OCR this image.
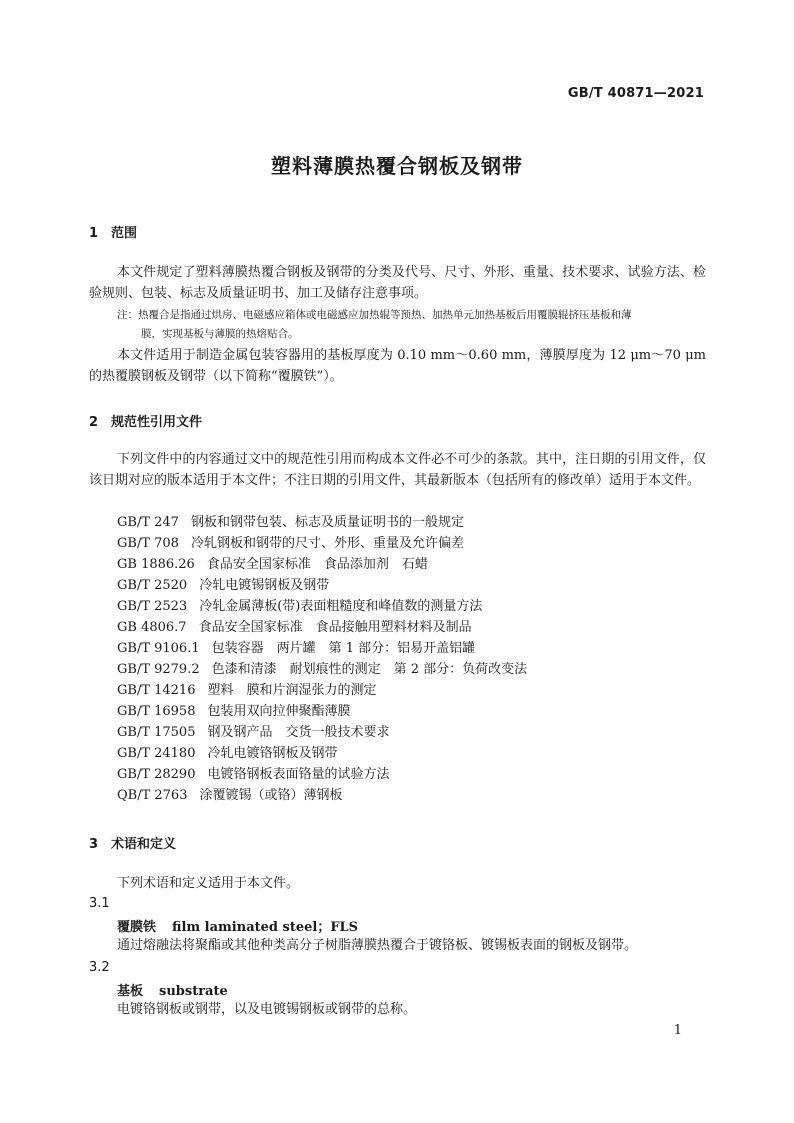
GB/T 40871—2021
塑料薄膜热覆合钢板及钢带
1 范围
本文件规定了塑料薄膜热覆合钢板及钢带的分类及代号、尺寸、外形、重量、技术要求、试验方法、检验规则、包装、标志及质量证明书、加工及储存注意事项。
注：热覆合是指通过烘房、电磁感应箱体或电磁感应加热辊等预热、加热单元加热基板后用覆膜辊挤压基板和薄
膜，实现基板与薄膜的热熔贴合。
本文件适用于制造金属包装容器用的基板厚度为 0.10 mm～0.60 mm，薄膜厚度为 12 μm～70 μm 的热覆膜钢板及钢带（以下简称“覆膜铁”）。
2 规范性引用文件
下列文件中的内容通过文中的规范性引用而构成本文件必不可少的条款。其中，注日期的引用文件，仅该日期对应的版本适用于本文件；不注日期的引用文件，其最新版本（包括所有的修改单）适用于本文件。
GB/T 247 钢板和钢带包装、标志及质量证明书的一般规定
GB/T 708 冷轧钢板和钢带的尺寸、外形、重量及允许偏差
GB 1886.26 食品安全国家标准　食品添加剂　石蜡
GB/T 2520 冷轧电镀锡钢板及钢带
GB/T 2523 冷轧金属薄板(带)表面粗糙度和峰值数的测量方法
GB 4806.7 食品安全国家标准　食品接触用塑料材料及制品
GB/T 9106.1 包装容器　两片罐　第 1 部分：铝易开盖铝罐
GB/T 9279.2 色漆和清漆　耐划痕性的测定　第 2 部分：负荷改变法
GB/T 14216 塑料　膜和片润湿张力的测定
GB/T 16958 包装用双向拉伸聚酯薄膜
GB/T 17505 钢及钢产品　交货一般技术要求
GB/T 24180 冷轧电镀铬钢板及钢带
GB/T 28290 电镀铬钢板表面铬量的试验方法
QB/T 2763 涂覆镀锡（或铬）薄钢板
3 术语和定义
下列术语和定义适用于本文件。
3.1
覆膜铁 film laminated steel；FLS
通过熔融法将聚酯或其他种类高分子树脂薄膜热覆合于镀铬板、镀锡板表面的钢板及钢带。
3.2
基板 substrate
电镀铬钢板或钢带，以及电镀锡钢板或钢带的总称。
1
